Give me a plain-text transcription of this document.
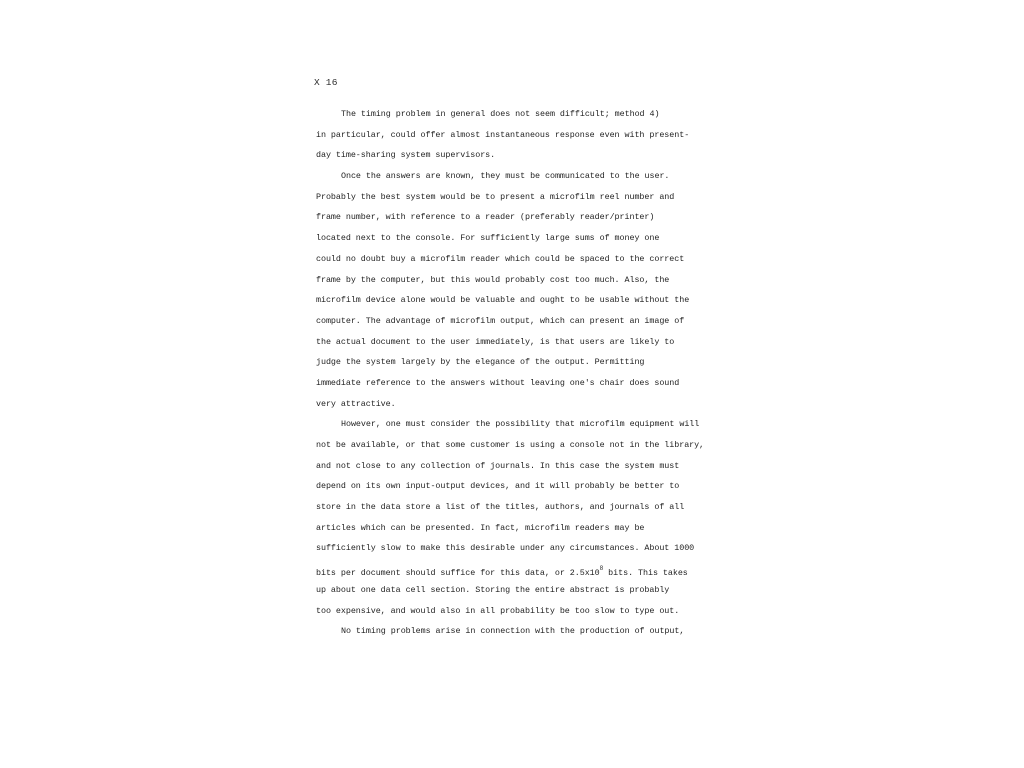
X 16
The timing problem in general does not seem difficult; method 4)
in particular, could offer almost instantaneous response even with present-
day time-sharing system supervisors.
Once the answers are known, they must be communicated to the user.
Probably the best system would be to present a microfilm reel number and
frame number, with reference to a reader (preferably reader/printer)
located next to the console. For sufficiently large sums of money one
could no doubt buy a microfilm reader which could be spaced to the correct
frame by the computer, but this would probably cost too much. Also, the
microfilm device alone would be valuable and ought to be usable without the
computer. The advantage of microfilm output, which can present an image of
the actual document to the user immediately, is that users are likely to
judge the system largely by the elegance of the output. Permitting
immediate reference to the answers without leaving one's chair does sound
very attractive.
However, one must consider the possibility that microfilm equipment will
not be available, or that some customer is using a console not in the library,
and not close to any collection of journals. In this case the system must
depend on its own input-output devices, and it will probably be better to
store in the data store a list of the titles, authors, and journals of all
articles which can be presented. In fact, microfilm readers may be
sufficiently slow to make this desirable under any circumstances. About 1000
bits per document should suffice for this data, or $2.5x10^8$ bits. This takes
up about one data cell section. Storing the entire abstract is probably
too expensive, and would also in all probability be too slow to type out.
No timing problems arise in connection with the production of output,
